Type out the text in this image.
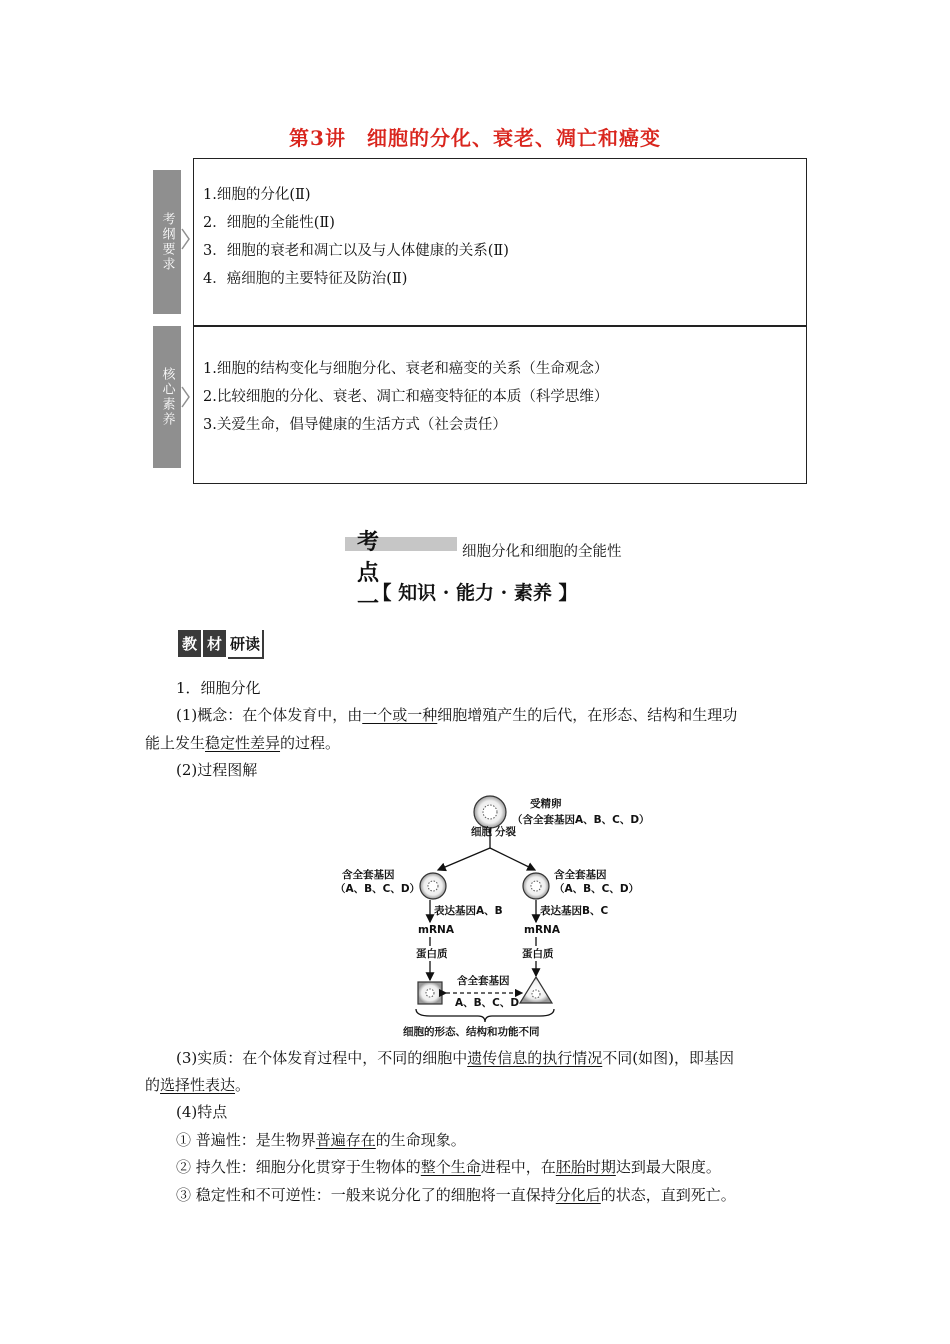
第3讲　细胞的分化、衰老、凋亡和癌变
考纲要求
1.细胞的分化(Ⅱ)
2．细胞的全能性(Ⅱ)
3．细胞的衰老和凋亡以及与人体健康的关系(Ⅱ)
4．癌细胞的主要特征及防治(Ⅱ)
核心素养	1.细胞的结构变化与细胞分化、衰老和癌变的关系（生命观念）
2.比较细胞的分化、衰老、凋亡和癌变特征的本质（科学思维）
3.关爱生命，倡导健康的生活方式（社会责任）
考点一
细胞分化和细胞的全能性
【 知识 · 能力 · 素养 】
教 材 研读
1．细胞分化
(1)概念：在个体发育中，由一个或一种细胞增殖产生的后代，在形态、结构和生理功
能上发生稳定性差异的过程。
(2)过程图解
受精卵
（含全套基因A、B、C、D）
细胞 分裂
含全套基因
（A、B、C、D）
含全套基因
（A、B、C、D）
表达基因A、B
mRNA
蛋白质
表达基因B、C
mRNA
蛋白质
含全套基因
A、B、C、D
细胞的形态、结构和功能不同
(3)实质：在个体发育过程中，不同的细胞中遗传信息的执行情况不同(如图)，即基因
的选择性表达。
(4)特点
① 普遍性：是生物界普遍存在的生命现象。
② 持久性：细胞分化贯穿于生物体的整个生命进程中，在胚胎时期达到最大限度。
③ 稳定性和不可逆性：一般来说分化了的细胞将一直保持分化后的状态，直到死亡。
